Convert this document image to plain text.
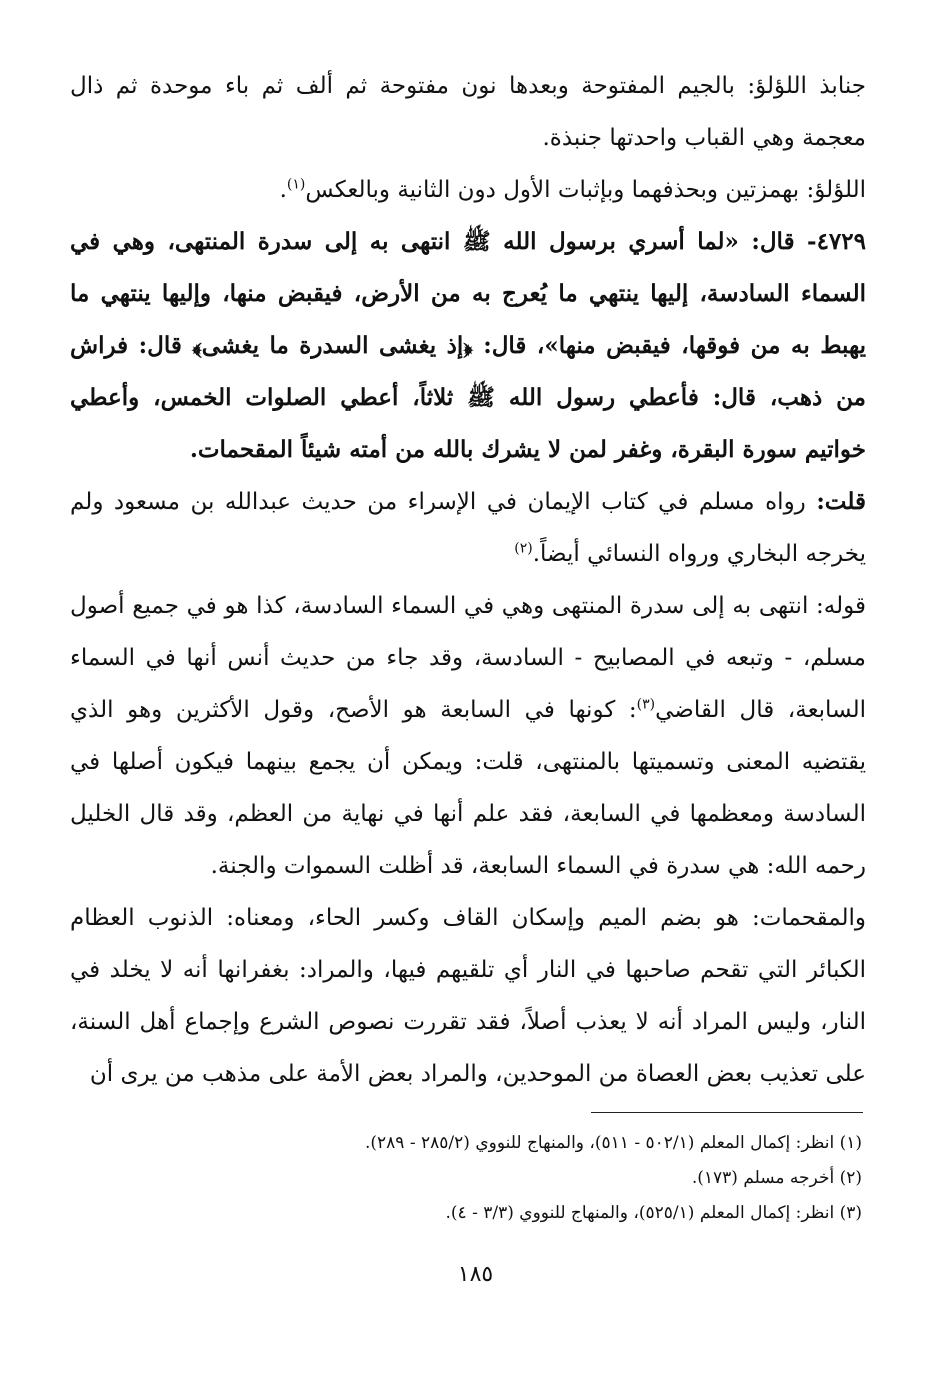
جنابذ اللؤلؤ: بالجيم المفتوحة وبعدها نون مفتوحة ثم ألف ثم باء موحدة ثم ذال معجمة وهي القباب واحدتها جنبذة.

اللؤلؤ: بهمزتين وبحذفهما وبإثبات الأول دون الثانية وبالعكس$^{(١)}$.

٤٧٢٩- قال: «لما أسري برسول الله ﷺ انتهى به إلى سدرة المنتهى، وهي في السماء السادسة، إليها ينتهي ما يُعرج به من الأرض، فيقبض منها، وإليها ينتهي ما يهبط به من فوقها، فيقبض منها»، قال: ﴿إذ يغشى السدرة ما يغشى﴾ قال: فراش من ذهب، قال: فأعطي رسول الله ﷺ ثلاثاً، أعطي الصلوات الخمس، وأعطي خواتيم سورة البقرة، وغفر لمن لا يشرك بالله من أمته شيئاً المقحمات.

قلت: رواه مسلم في كتاب الإيمان في الإسراء من حديث عبدالله بن مسعود ولم يخرجه البخاري ورواه النسائي أيضاً.$^{(٢)}$

قوله: انتهى به إلى سدرة المنتهى وهي في السماء السادسة، كذا هو في جميع أصول مسلم، - وتبعه في المصابيح - السادسة، وقد جاء من حديث أنس أنها في السماء السابعة، قال القاضي$^{(٣)}$: كونها في السابعة هو الأصح، وقول الأكثرين وهو الذي يقتضيه المعنى وتسميتها بالمنتهى، قلت: ويمكن أن يجمع بينهما فيكون أصلها في السادسة ومعظمها في السابعة، فقد علم أنها في نهاية من العظم، وقد قال الخليل رحمه الله: هي سدرة في السماء السابعة، قد أظلت السموات والجنة.

والمقحمات: هو بضم الميم وإسكان القاف وكسر الحاء، ومعناه: الذنوب العظام الكبائر التي تقحم صاحبها في النار أي تلقيهم فيها، والمراد: بغفرانها أنه لا يخلد في النار، وليس المراد أنه لا يعذب أصلاً، فقد تقررت نصوص الشرع وإجماع أهل السنة، على تعذيب بعض العصاة من الموحدين، والمراد بعض الأمة على مذهب من يرى أن

(١) انظر: إكمال المعلم (٥٠٢/١ - ٥١١)، والمنهاج للنووي (٢٨٥/٢ - ٢٨٩).

(٢) أخرجه مسلم (١٧٣).

(٣) انظر: إكمال المعلم (٥٢٥/١)، والمنهاج للنووي (٣/٣ - ٤).

١٨٥
